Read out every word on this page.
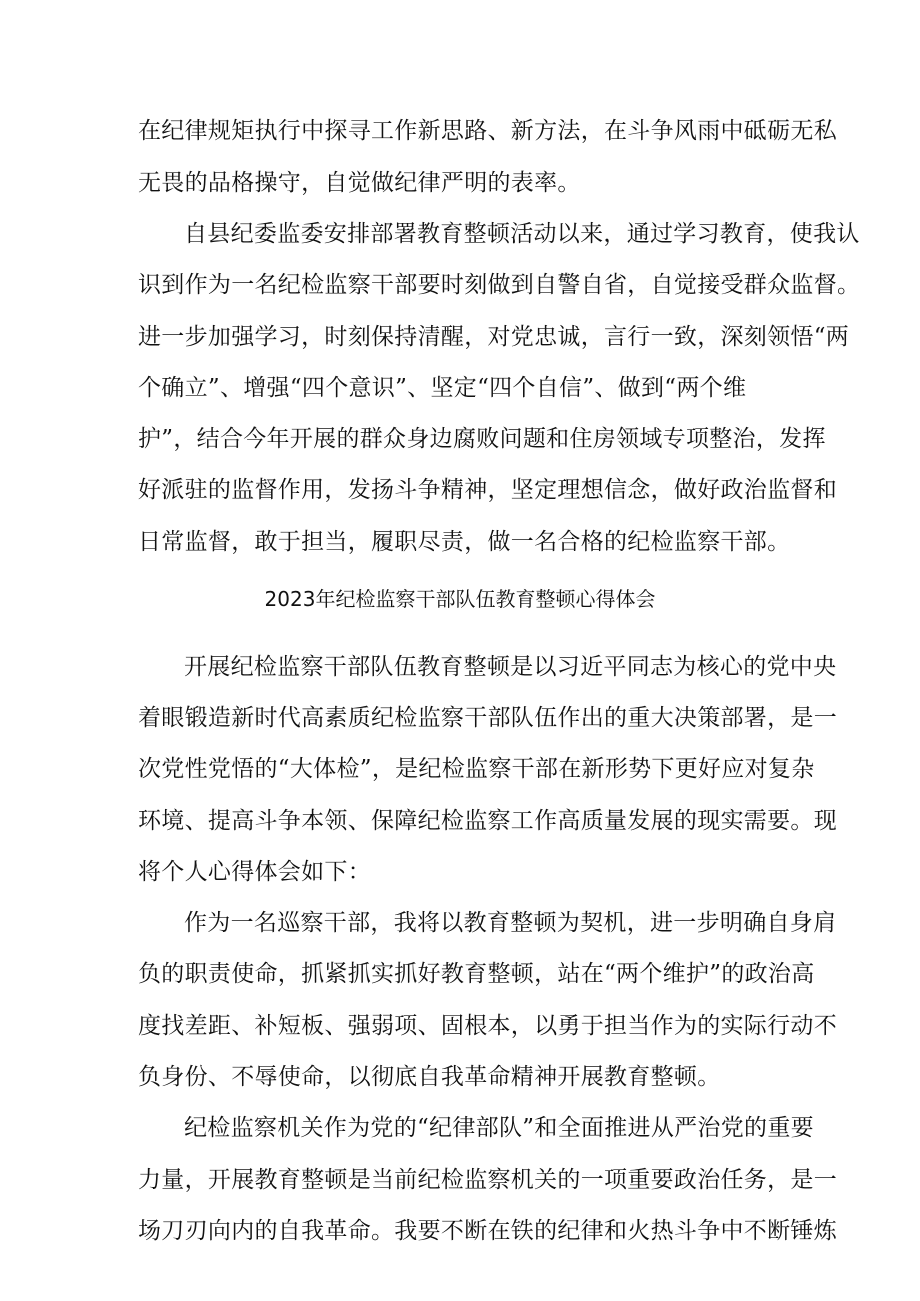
在纪律规矩执行中探寻工作新思路、新方法，在斗争风雨中砥砺无私
无畏的品格操守，自觉做纪律严明的表率。
自县纪委监委安排部署教育整顿活动以来，通过学习教育，使我认
识到作为一名纪检监察干部要时刻做到自警自省，自觉接受群众监督。
进一步加强学习，时刻保持清醒，对党忠诚，言行一致，深刻领悟“两
个确立”、增强“四个意识”、坚定“四个自信”、做到“两个维
护”，结合今年开展的群众身边腐败问题和住房领域专项整治，发挥
好派驻的监督作用，发扬斗争精神，坚定理想信念，做好政治监督和
日常监督，敢于担当，履职尽责，做一名合格的纪检监察干部。
2023年纪检监察干部队伍教育整顿心得体会
开展纪检监察干部队伍教育整顿是以习近平同志为核心的党中央
着眼锻造新时代高素质纪检监察干部队伍作出的重大决策部署，是一
次党性党悟的“大体检”，是纪检监察干部在新形势下更好应对复杂
环境、提高斗争本领、保障纪检监察工作高质量发展的现实需要。现
将个人心得体会如下：
作为一名巡察干部，我将以教育整顿为契机，进一步明确自身肩
负的职责使命，抓紧抓实抓好教育整顿，站在“两个维护”的政治高
度找差距、补短板、强弱项、固根本，以勇于担当作为的实际行动不
负身份、不辱使命，以彻底自我革命精神开展教育整顿。
纪检监察机关作为党的“纪律部队”和全面推进从严治党的重要
力量，开展教育整顿是当前纪检监察机关的一项重要政治任务，是一
场刀刃向内的自我革命。我要不断在铁的纪律和火热斗争中不断锤炼
